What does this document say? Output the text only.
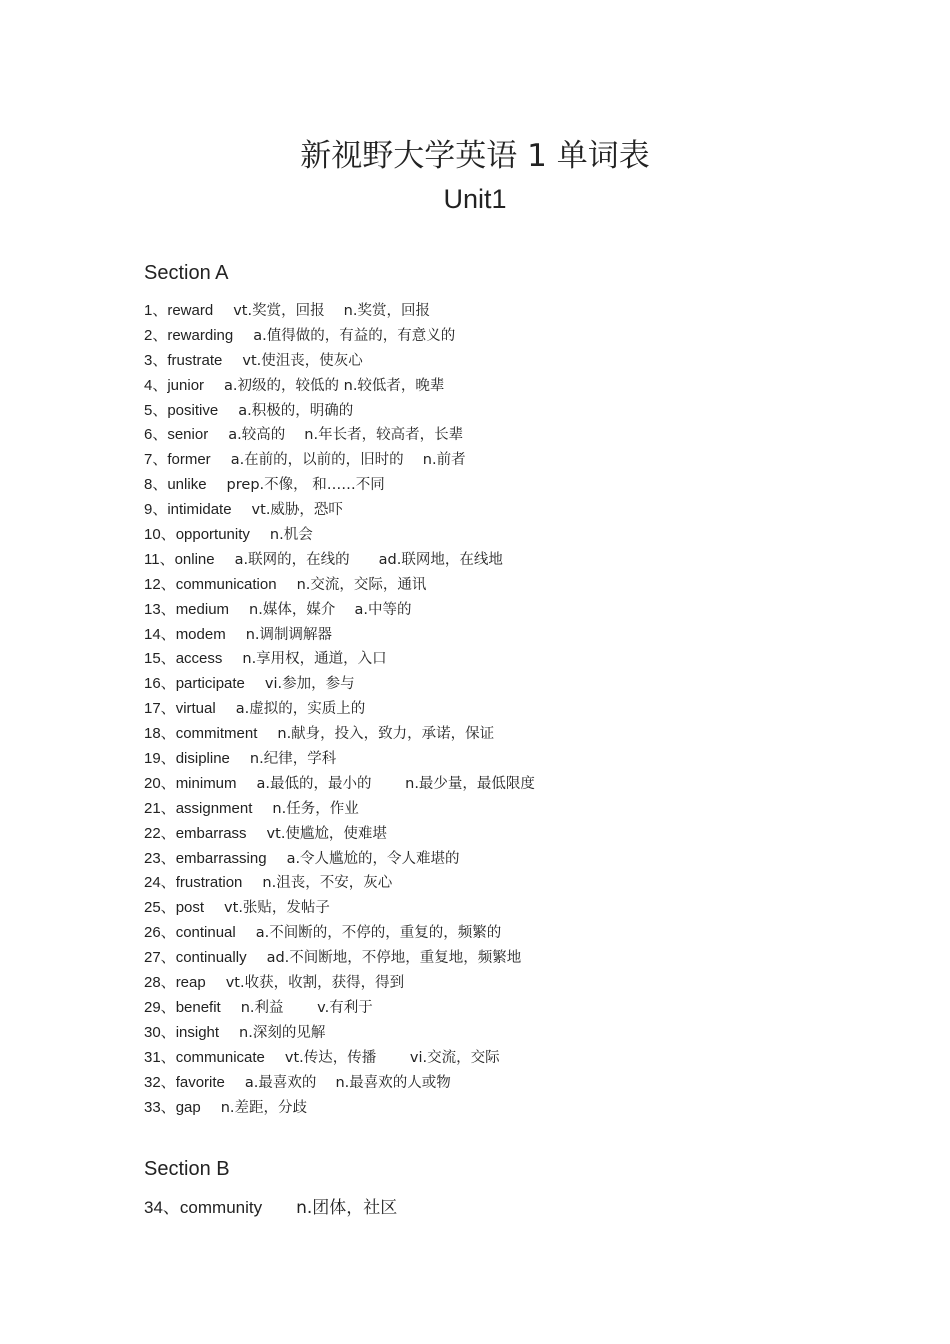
新视野大学英语 1 单词表
Unit1
Section A
1、reward vt.奖赏，回报　 n.奖赏，回报
2、rewarding a.值得做的，有益的，有意义的
3、frustrate vt.使沮丧，使灰心
4、junior a.初级的，较低的 n.较低者，晚辈
5、positive a.积极的，明确的
6、senior a.较高的　 n.年长者，较高者，长辈
7、former a.在前的，以前的，旧时的　 n.前者
8、unlike prep.不像， 和……不同
9、intimidate vt.威胁，恐吓
10、opportunity n.机会
11、online a.联网的，在线的　　ad.联网地，在线地
12、communication n.交流，交际，通讯
13、medium n.媒体，媒介　 a.中等的
14、modem n.调制调解器
15、access n.享用权，通道，入口
16、participate vi.参加，参与
17、virtual a.虚拟的，实质上的
18、commitment n.献身，投入，致力，承诺，保证
19、disipline n.纪律，学科
20、minimum a.最低的，最小的　　 n.最少量，最低限度
21、assignment n.任务，作业
22、embarrass vt.使尴尬，使难堪
23、embarrassing a.令人尴尬的，令人难堪的
24、frustration n.沮丧，不安，灰心
25、post vt.张贴，发帖子
26、continual a.不间断的，不停的，重复的，频繁的
27、continually ad.不间断地，不停地，重复地，频繁地
28、reap vt.收获，收割，获得，得到
29、benefit n.利益　　 v.有利于
30、insight n.深刻的见解
31、communicate vt.传达，传播　　 vi.交流，交际
32、favorite a.最喜欢的　 n.最喜欢的人或物
33、gap n.差距，分歧
Section B
34、community n.团体，社区
